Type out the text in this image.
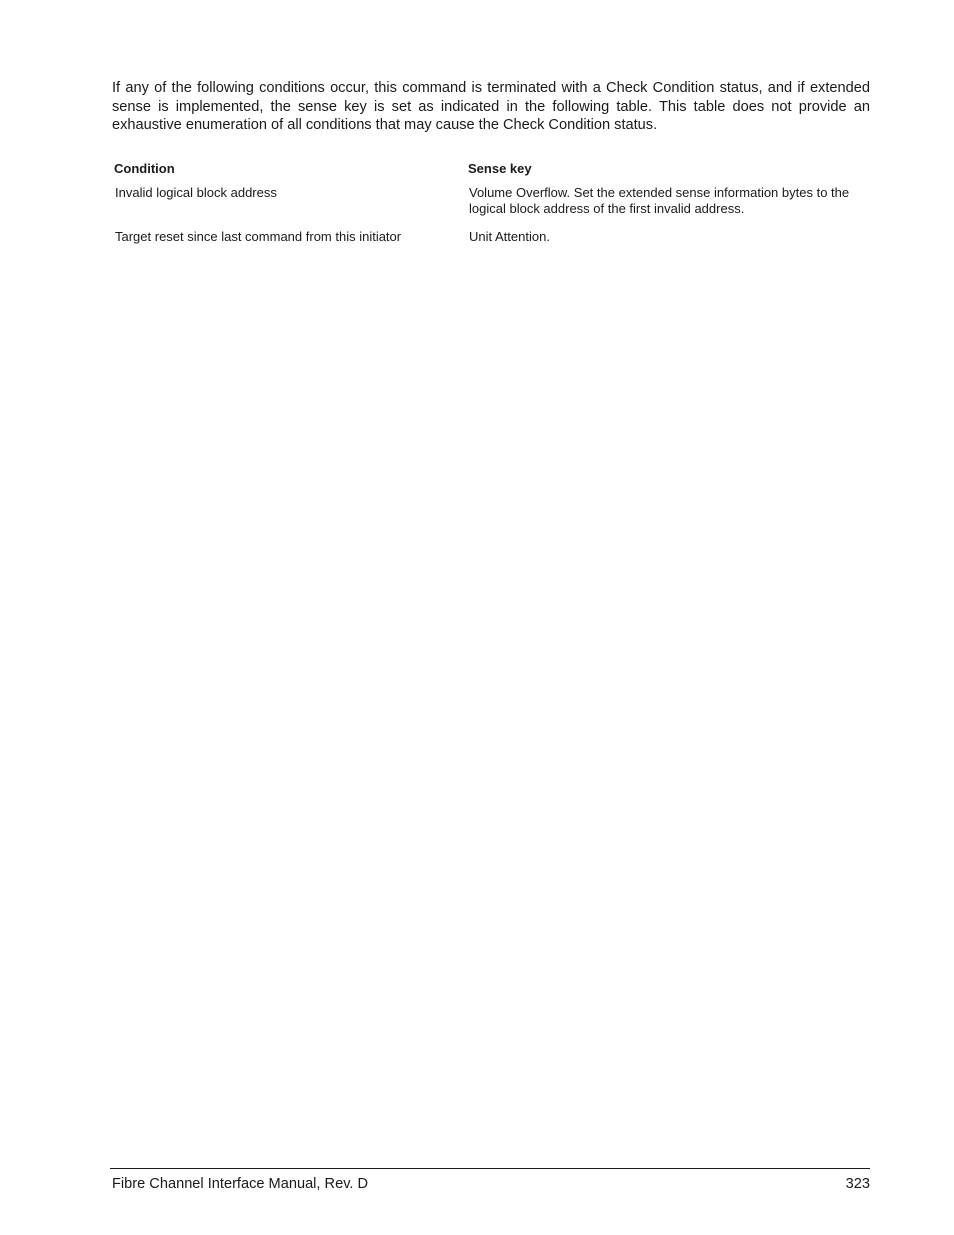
If any of the following conditions occur, this command is terminated with a Check Condition status, and if extended sense is implemented, the sense key is set as indicated in the following table. This table does not provide an exhaustive enumeration of all conditions that may cause the Check Condition status.

Condition	Sense key
Invalid logical block address	Volume Overflow. Set the extended sense information bytes to the logical block address of the first invalid address.
Target reset since last command from this initiator	Unit Attention.
Fibre Channel Interface Manual, Rev. D	323
